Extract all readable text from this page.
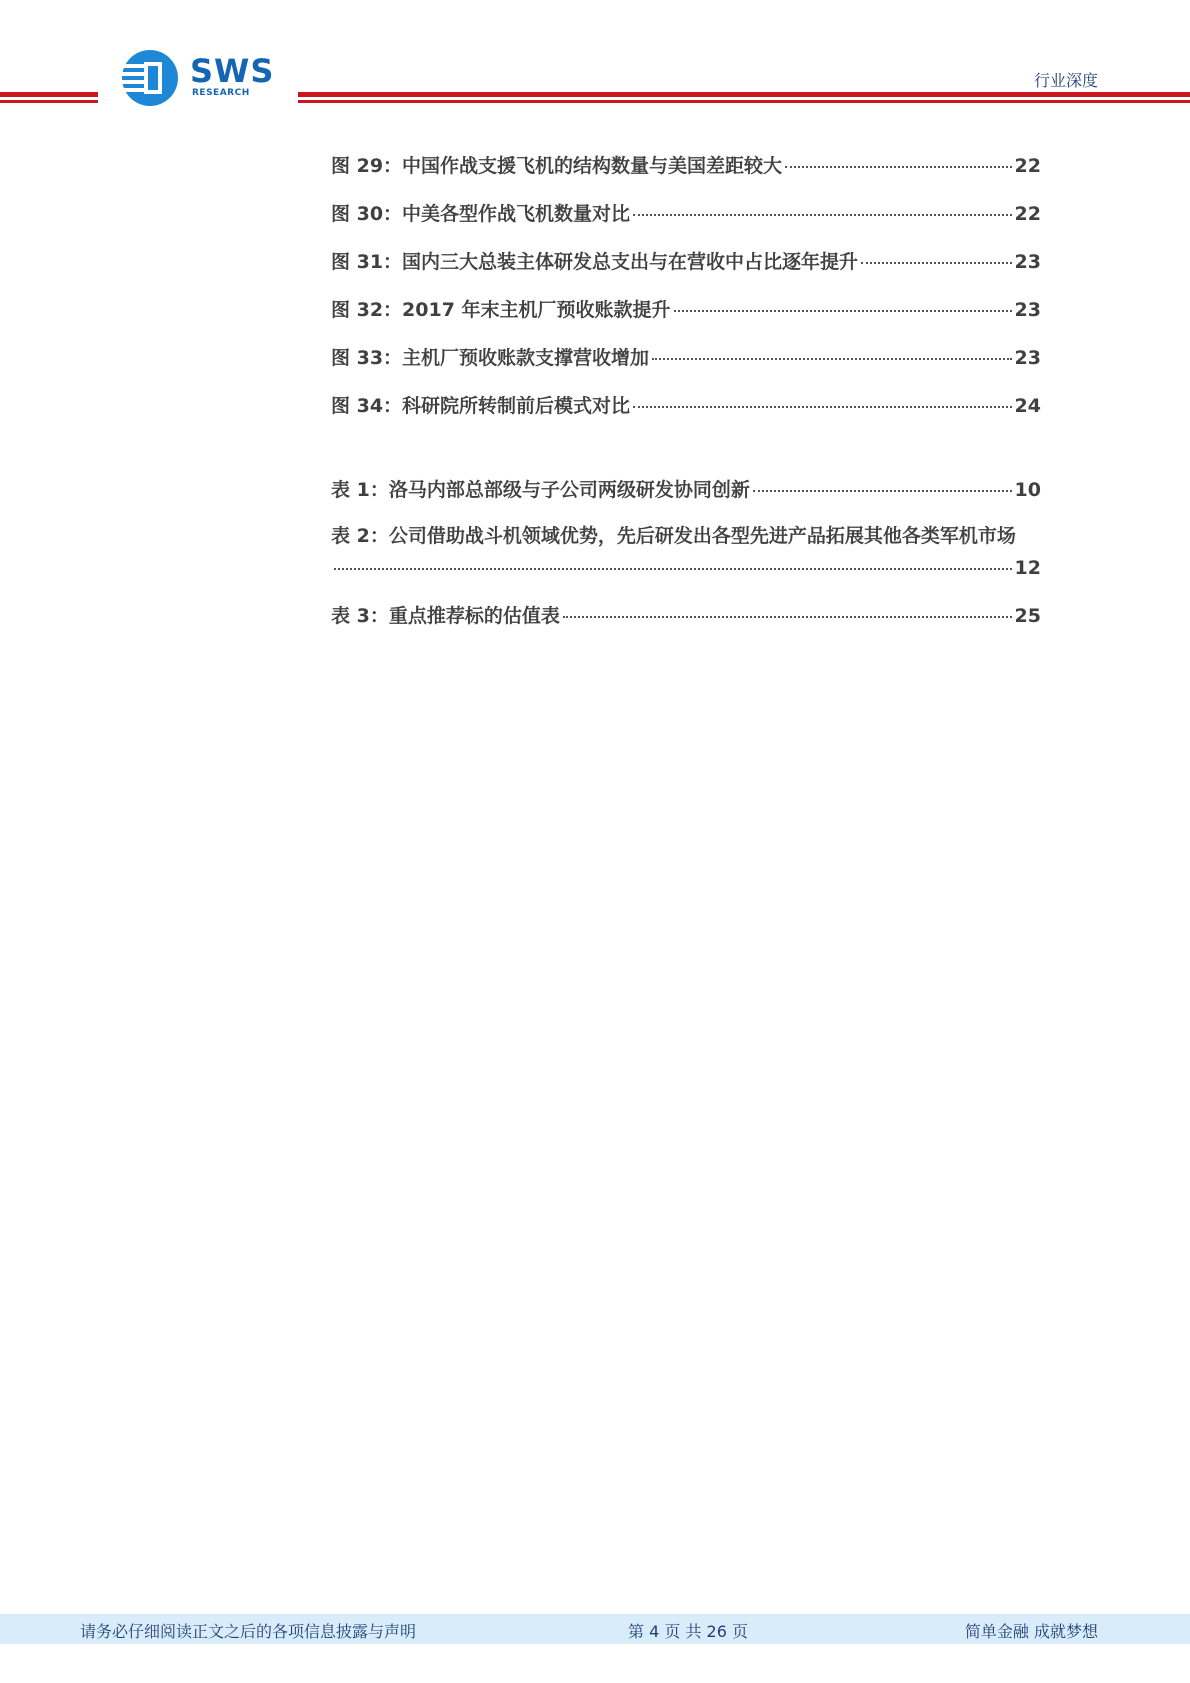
SWS
RESEARCH
行业深度
图 29：中国作战支援飞机的结构数量与美国差距较大	22
图 30：中美各型作战飞机数量对比	22
图 31：国内三大总装主体研发总支出与在营收中占比逐年提升	23
图 32：2017 年末主机厂预收账款提升	23
图 33：主机厂预收账款支撑营收增加	23
图 34：科研院所转制前后模式对比	24
表 1：洛马内部总部级与子公司两级研发协同创新	10
表 2：公司借助战斗机领域优势，先后研发出各型先进产品拓展其他各类军机市场
12
表 3：重点推荐标的估值表	25
请务必仔细阅读正文之后的各项信息披露与声明	第 4 页 共 26 页	简单金融 成就梦想
